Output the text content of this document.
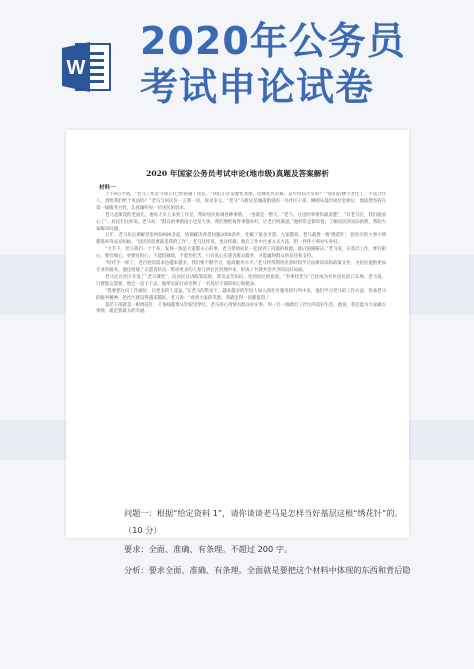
W
2020年公务员
考试申论试卷
2020 年国家公务员考试申论(地市级)真题及答案解析
材料一

上午9点半到，“老马工作室”四们口已经挤满了居民。“我们小区需要化粪池，电梯光亮未修，是可得以尽早吗？”“咱们的楼宇老化了，不适合住人，请给我们给个说法吗？”老马与居民你一言我一语，诉求多元。“老马”马新民是城南街道的一名社区干部，刚刚从基层岗位退休后，他依然坚持在第一线服务百姓，认真倾听每一位居民的诉求。

老马是街道的老面孔，他每天早上来到工作室，帮助居民协调各种事情，一坐就是一整天。“老马，这里的事情你最清楚”，“有老马在，我们就放心了”。居民们这样说。老马说：“群众的事情再小也是大事，我们要把每件事都办好，让老百姓满意。”他经常走街串巷，了解居民的实际困难，帮助大家解决问题。

五年，老马先后调解邻里纠纷600多起，协调解决各类问题2000余件，化解了很多矛盾。大家都说，老马就像一根‘绣花针’，把社区的大事小情都缝补得妥妥帖帖。“居民的需要就是我的工作”，老马这样说，也这样做。他在工作中注重方式方法，把一件件小事办实办好。

“大手下，老马我们一个个来，发现一条是大家都关心的事，老马带领居民一起找到了问题的根源，最后圆满解决。”老马说，在基层工作，要有耐心，要有细心，更要有恒心，不能怕麻烦，不能怕吃苦，只有真心实意为群众服务，才能赢得群众的信任和支持。

“时代不一样了，老百姓的需求也越来越多，我们要不断学习，提高服务水平。”老马经常利用业余时间学习法律知识和政策文件，为居民提供更加专业的服务。他还组建了志愿者队伍，带动更多的人参与到社区治理中来，形成了共建共治共享的良好局面。

老马还在社区开设了“老马课堂”，向居民宣讲政策法规，普及安全知识，受到居民的欢迎。“有事找老马”已经成为社区居民的口头禅。老马说，只要群众需要，他会一直干下去。他用实际行动诠释了一名基层干部的初心和使命。

“我要把这份工作做好，让更多的人受益。”在老马的带动下，越来越多的年轻人加入到社区服务的行列中来，他们学习老马的工作方法，传承老马的服务精神，把社区建设得越来越好。老马说：“看到大家的笑脸，我就觉得一切都值得。”

基层干部就是一根绣花针，千条线都要从针眼里穿过。老马用心用情为群众办实事，用一针一线绣出了社区的美好生活。他说，我还能为大家做点事情，就是我最大的幸福。

问题一：根据“给定资料 1”，请你谈谈老马是怎样当好基层这根“绣花针”的。
（10 分）
要求：全面、准确、有条理。不超过 200 字。
分析：要求全面、准确、有条理。全面就是要把这个材料中体现的东西和背后隐
